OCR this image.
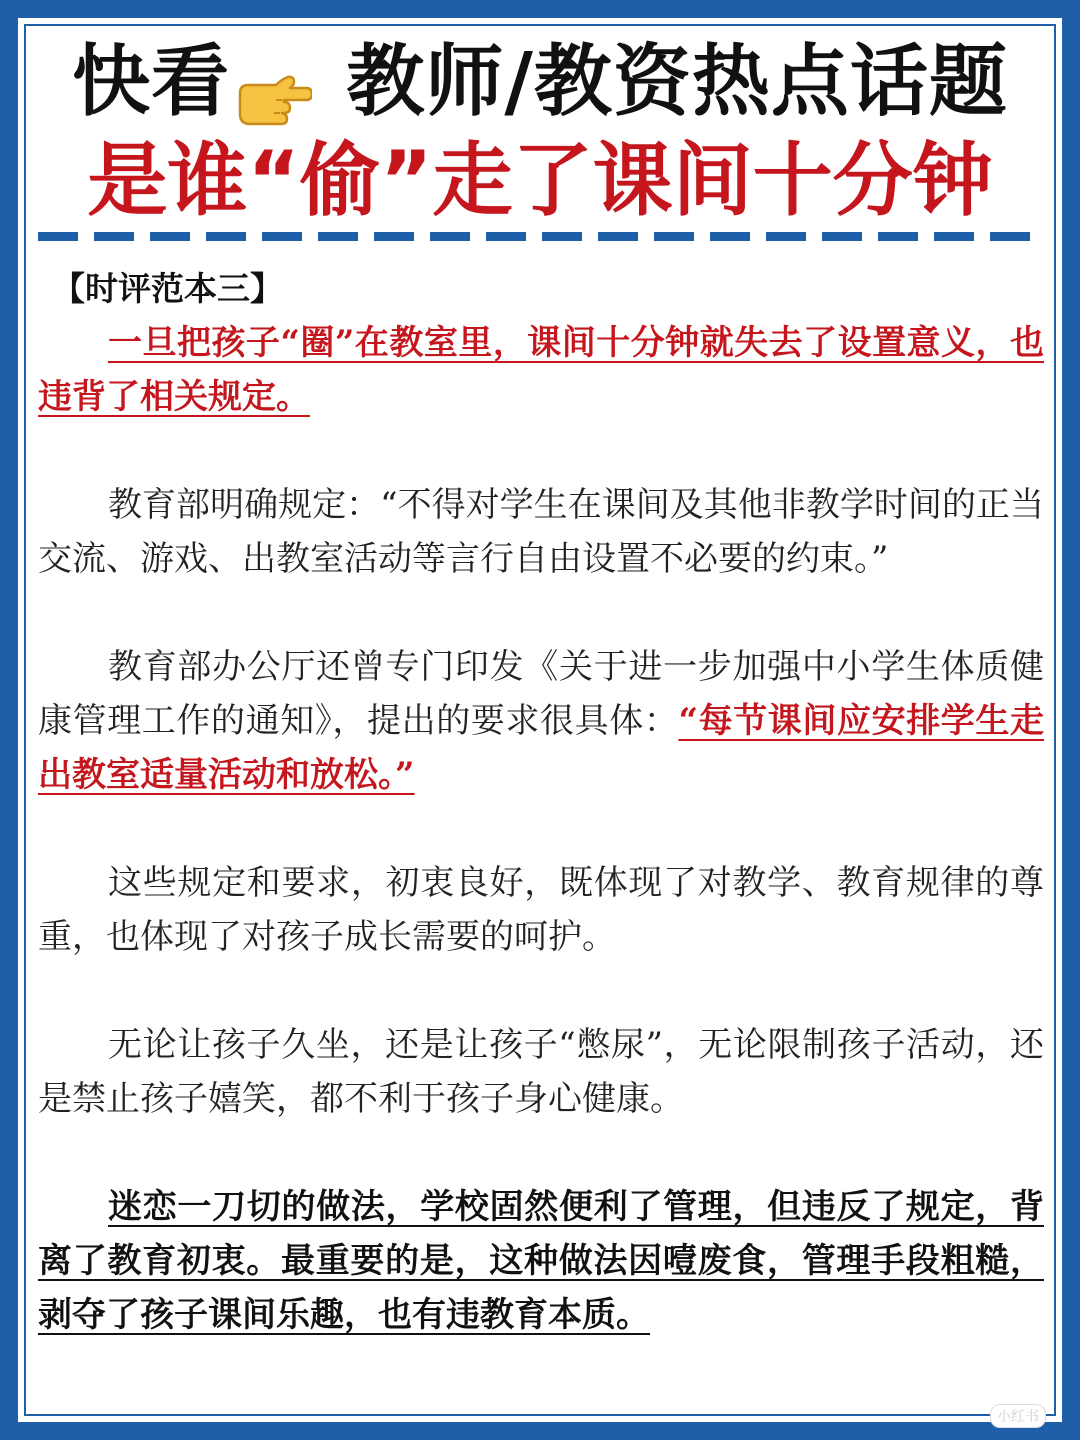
快看 教师/教资热点话题
是谁“偷”走了课间十分钟
【时评范本三】

一旦把孩子“圈”在教室里，课间十分钟就失去了设置意义，也违背了相关规定。

教育部明确规定：“不得对学生在课间及其他非教学时间的正当交流、游戏、出教室活动等言行自由设置不必要的约束。”

教育部办公厅还曾专门印发《关于进一步加强中小学生体质健康管理工作的通知》，提出的要求很具体：“每节课间应安排学生走出教室适量活动和放松。”

这些规定和要求，初衷良好，既体现了对教学、教育规律的尊重，也体现了对孩子成长需要的呵护。

无论让孩子久坐，还是让孩子“憋尿”，无论限制孩子活动，还是禁止孩子嬉笑，都不利于孩子身心健康。

迷恋一刀切的做法，学校固然便利了管理，但违反了规定，背离了教育初衷。最重要的是，这种做法因噎废食，管理手段粗糙，剥夺了孩子课间乐趣，也有违教育本质。

小红书
